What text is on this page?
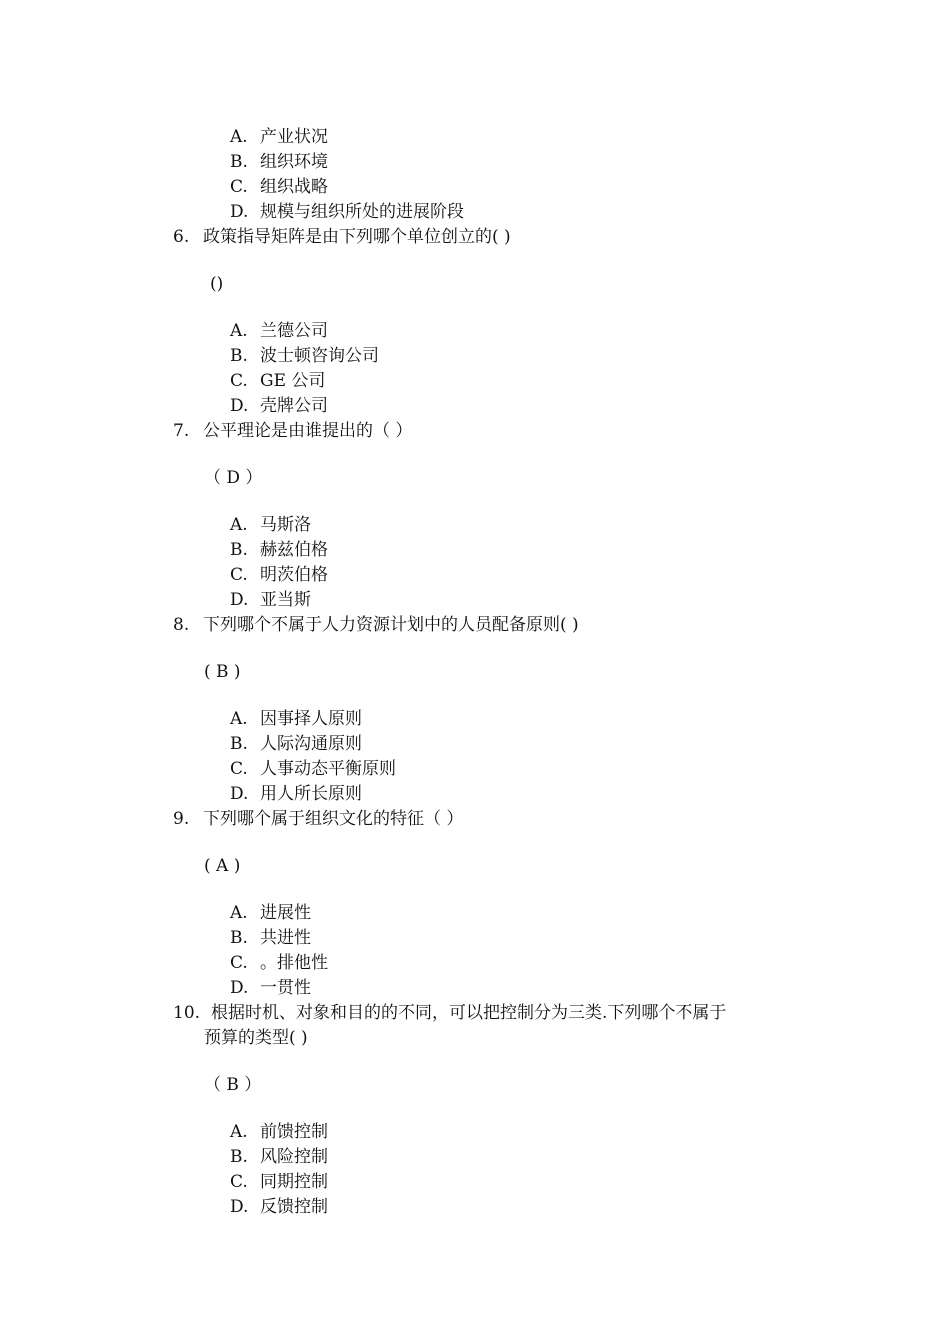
A. 产业状况
B. 组织环境
C. 组织战略
D. 规模与组织所处的进展阶段
6. 政策指导矩阵是由下列哪个单位创立的( )
()
A. 兰德公司
B. 波士顿咨询公司
C. GE 公司
D. 壳牌公司
7. 公平理论是由谁提出的（ ）
（ D ）
A. 马斯洛
B. 赫兹伯格
C. 明茨伯格
D. 亚当斯
8. 下列哪个不属于人力资源计划中的人员配备原则( )
( B )
A. 因事择人原则
B. 人际沟通原则
C. 人事动态平衡原则
D. 用人所长原则
9. 下列哪个属于组织文化的特征（ ）
( A )
A. 进展性
B. 共进性
C. 。排他性
D. 一贯性
10. 根据时机、对象和目的的不同，可以把控制分为三类.下列哪个不属于
预算的类型( )
（ B ）
A. 前馈控制
B. 风险控制
C. 同期控制
D. 反馈控制
